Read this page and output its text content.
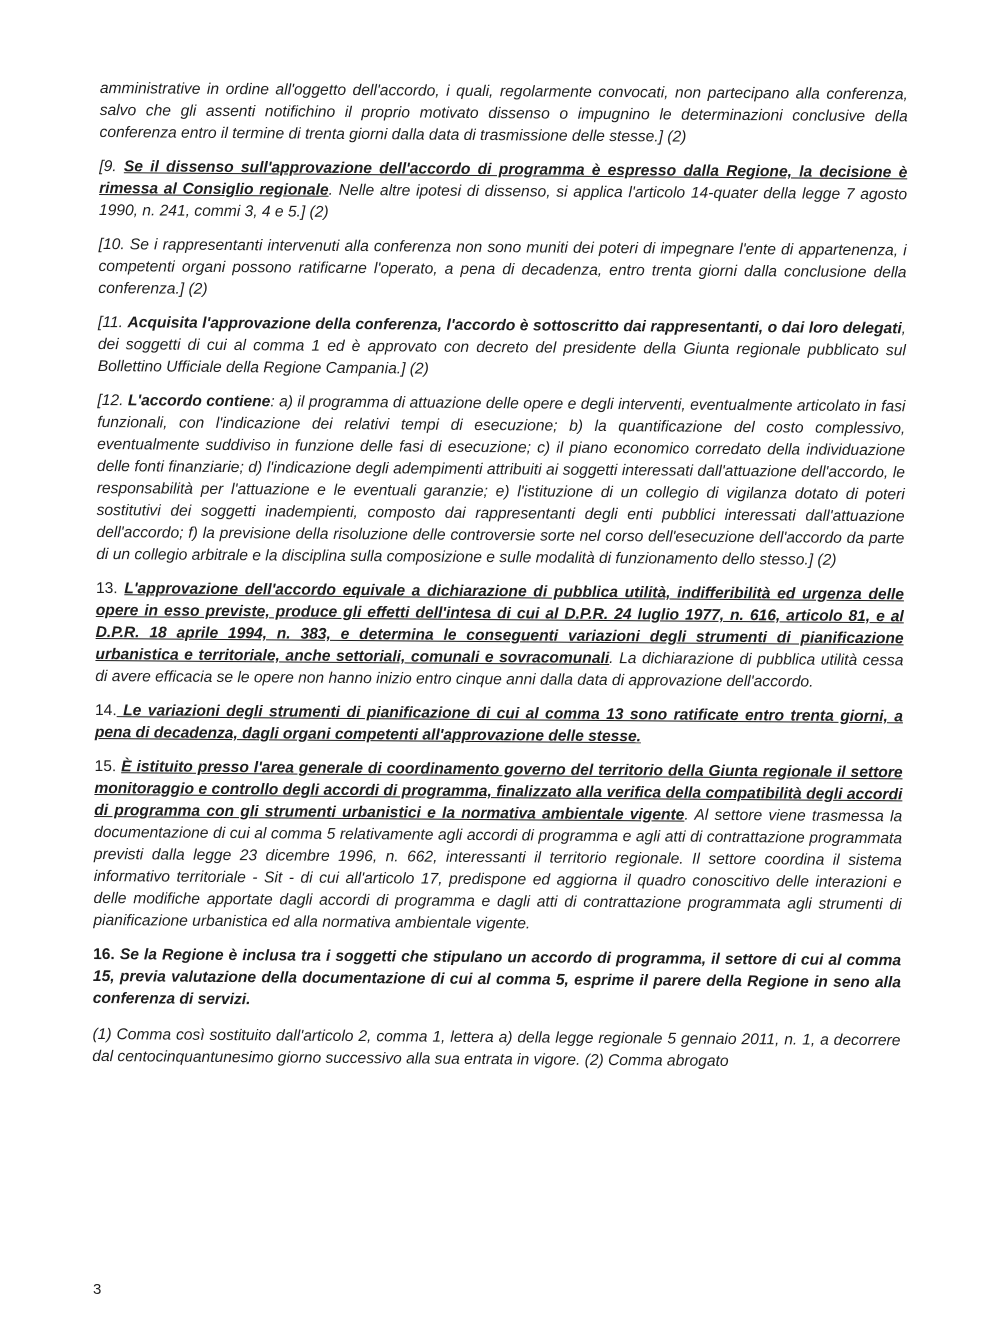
amministrative in ordine all'oggetto dell'accordo, i quali, regolarmente convocati, non partecipano alla conferenza, salvo che gli assenti notifichino il proprio motivato dissenso o impugnino le determinazioni conclusive della conferenza entro il termine di trenta giorni dalla data di trasmissione delle stesse.] (2)

[9. Se il dissenso sull'approvazione dell'accordo di programma è espresso dalla Regione, la decisione è rimessa al Consiglio regionale. Nelle altre ipotesi di dissenso, si applica l'articolo 14-quater della legge 7 agosto 1990, n. 241, commi 3, 4 e 5.] (2)

[10. Se i rappresentanti intervenuti alla conferenza non sono muniti dei poteri di impegnare l'ente di appartenenza, i competenti organi possono ratificarne l'operato, a pena di decadenza, entro trenta giorni dalla conclusione della conferenza.] (2)

[11. Acquisita l'approvazione della conferenza, l'accordo è sottoscritto dai rappresentanti, o dai loro delegati, dei soggetti di cui al comma 1 ed è approvato con decreto del presidente della Giunta regionale pubblicato sul Bollettino Ufficiale della Regione Campania.] (2)

[12. L'accordo contiene: a) il programma di attuazione delle opere e degli interventi, eventualmente articolato in fasi funzionali, con l'indicazione dei relativi tempi di esecuzione; b) la quantificazione del costo complessivo, eventualmente suddiviso in funzione delle fasi di esecuzione; c) il piano economico corredato della individuazione delle fonti finanziarie; d) l'indicazione degli adempimenti attribuiti ai soggetti interessati dall'attuazione dell'accordo, le responsabilità per l'attuazione e le eventuali garanzie; e) l'istituzione di un collegio di vigilanza dotato di poteri sostitutivi dei soggetti inadempienti, composto dai rappresentanti degli enti pubblici interessati dall'attuazione dell'accordo; f) la previsione della risoluzione delle controversie sorte nel corso dell'esecuzione dell'accordo da parte di un collegio arbitrale e la disciplina sulla composizione e sulle modalità di funzionamento dello stesso.] (2)

13. L'approvazione dell'accordo equivale a dichiarazione di pubblica utilità, indifferibilità ed urgenza delle opere in esso previste, produce gli effetti dell'intesa di cui al D.P.R. 24 luglio 1977, n. 616, articolo 81, e al D.P.R. 18 aprile 1994, n. 383, e determina le conseguenti variazioni degli strumenti di pianificazione urbanistica e territoriale, anche settoriali, comunali e sovracomunali. La dichiarazione di pubblica utilità cessa di avere efficacia se le opere non hanno inizio entro cinque anni dalla data di approvazione dell'accordo.

14. Le variazioni degli strumenti di pianificazione di cui al comma 13 sono ratificate entro trenta giorni, a pena di decadenza, dagli organi competenti all'approvazione delle stesse.

15. È istituito presso l'area generale di coordinamento governo del territorio della Giunta regionale il settore monitoraggio e controllo degli accordi di programma, finalizzato alla verifica della compatibilità degli accordi di programma con gli strumenti urbanistici e la normativa ambientale vigente. Al settore viene trasmessa la documentazione di cui al comma 5 relativamente agli accordi di programma e agli atti di contrattazione programmata previsti dalla legge 23 dicembre 1996, n. 662, interessanti il territorio regionale. Il settore coordina il sistema informativo territoriale - Sit - di cui all'articolo 17, predispone ed aggiorna il quadro conoscitivo delle interazioni e delle modifiche apportate dagli accordi di programma e dagli atti di contrattazione programmata agli strumenti di pianificazione urbanistica ed alla normativa ambientale vigente.

16. Se la Regione è inclusa tra i soggetti che stipulano un accordo di programma, il settore di cui al comma 15, previa valutazione della documentazione di cui al comma 5, esprime il parere della Regione in seno alla conferenza di servizi.

(1) Comma così sostituito dall'articolo 2, comma 1, lettera a) della legge regionale 5 gennaio 2011, n. 1, a decorrere dal centocinquantunesimo giorno successivo alla sua entrata in vigore. (2) Comma abrogato

3
